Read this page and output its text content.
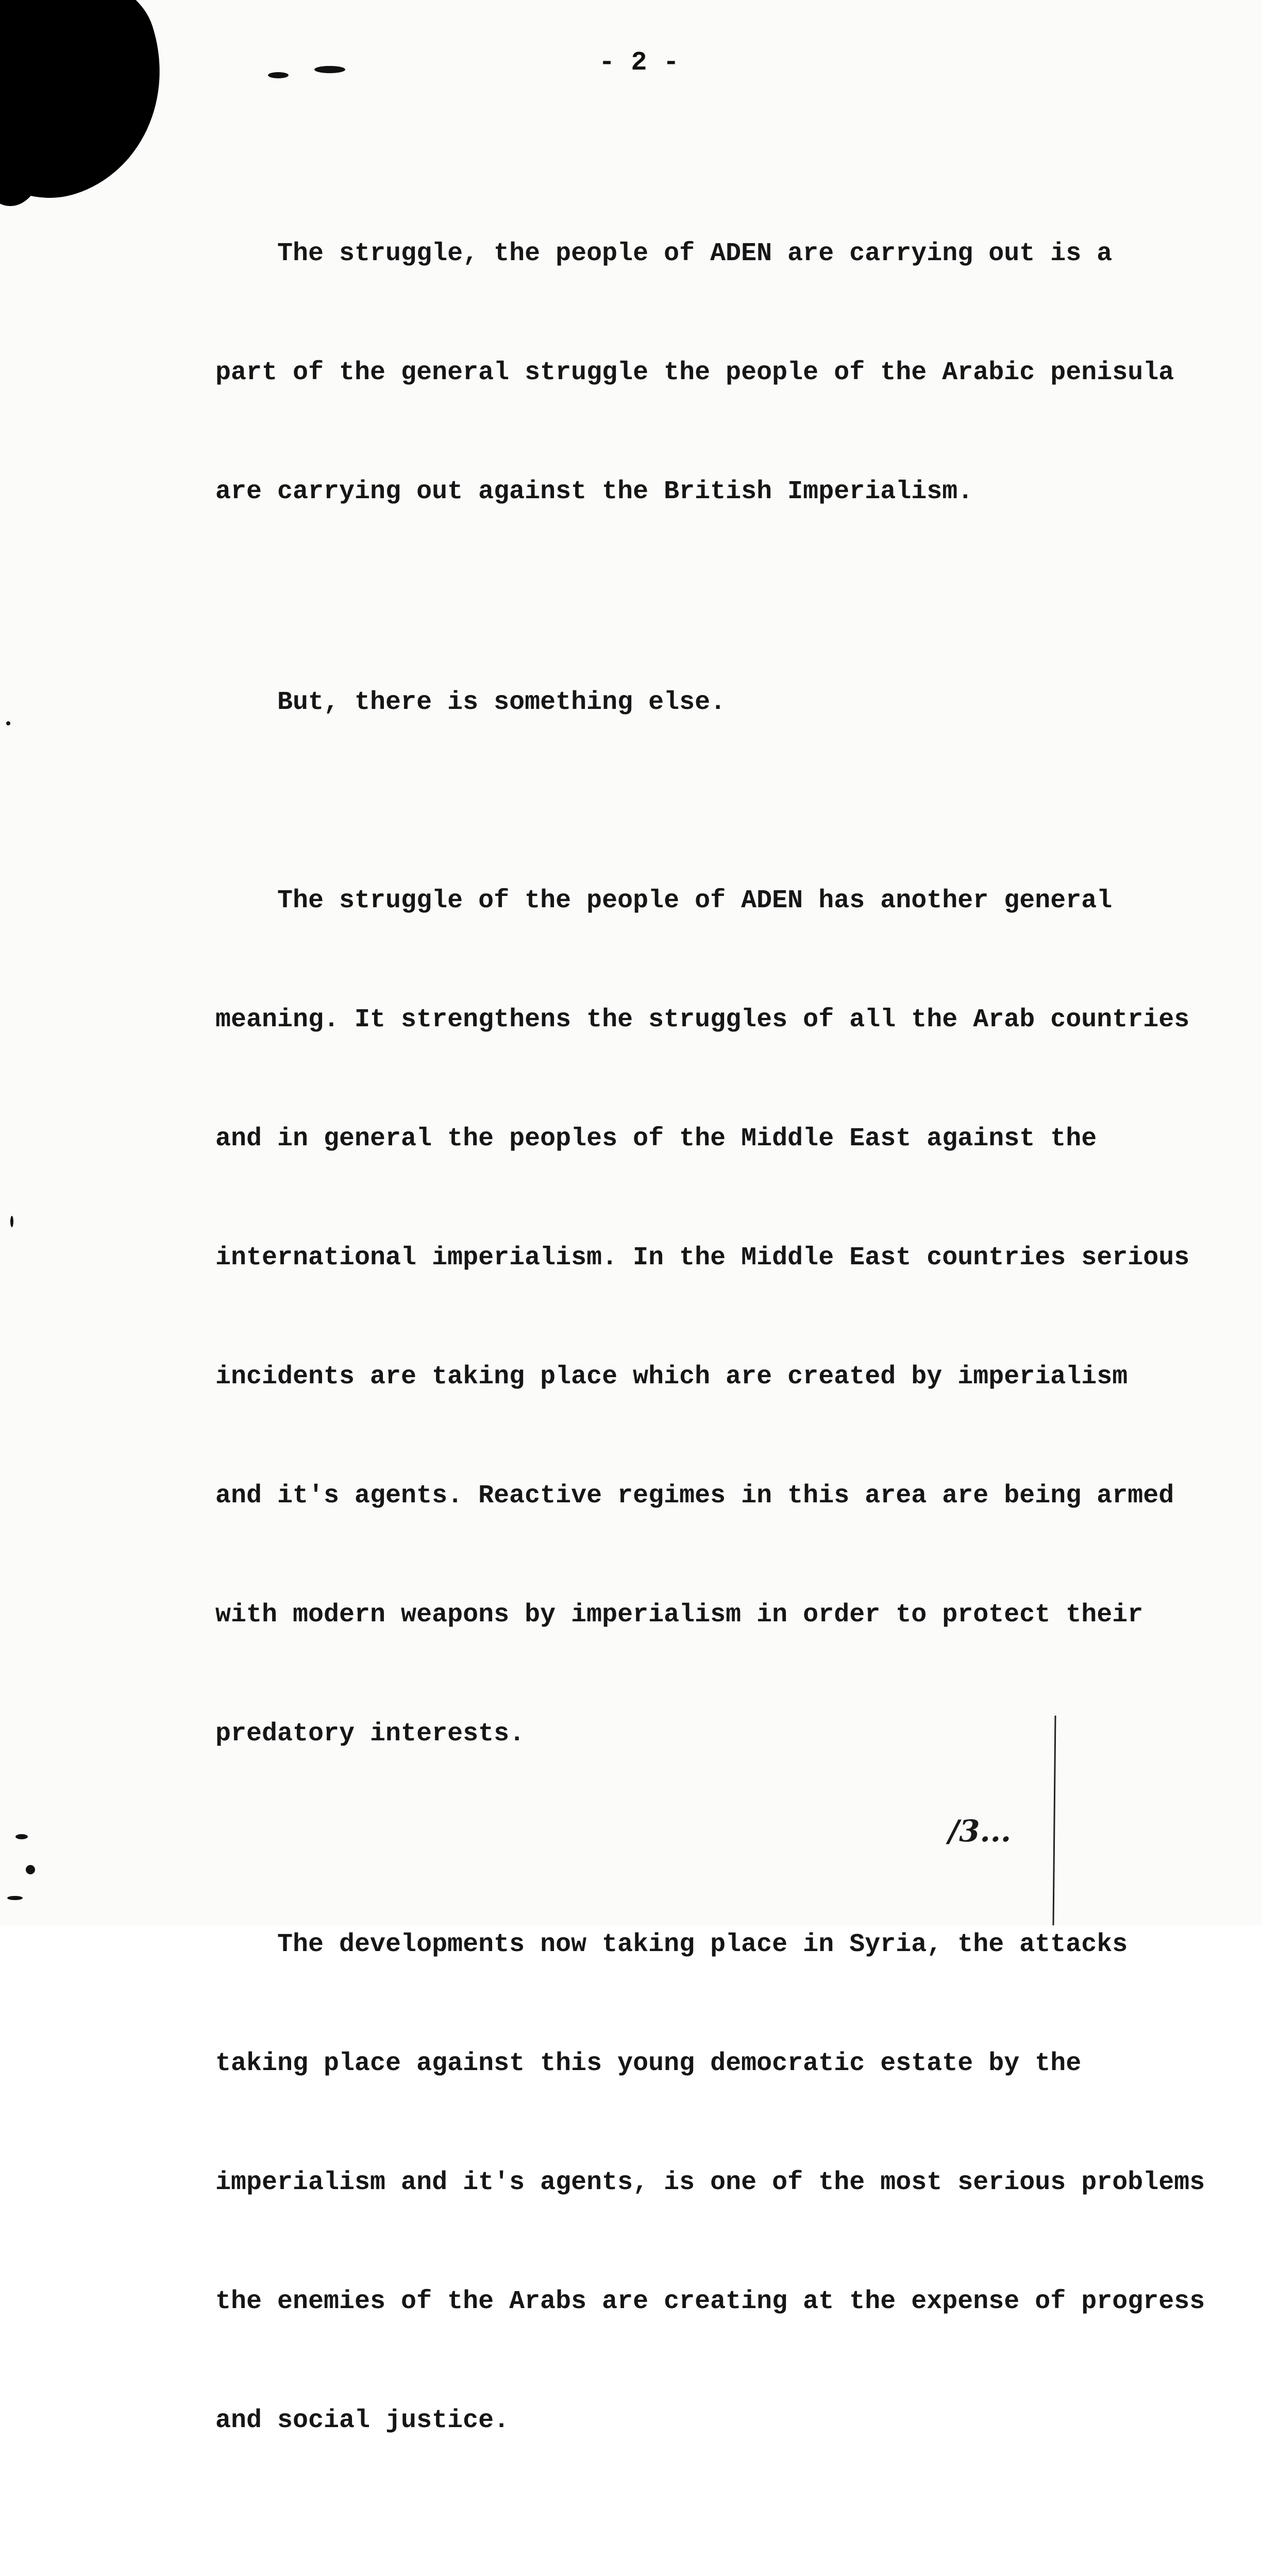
- 2 -

The struggle, the people of ADEN are carrying out is a

part of the general struggle the people of the Arabic penisula

are carrying out against the British Imperialism.

But, there is something else.

The struggle of the people of ADEN has another general

meaning. It strengthens the struggles of all the Arab countries

and in general the peoples of the Middle East against the

international imperialism. In the Middle East countries serious

incidents are taking place which are created by imperialism

and it's agents. Reactive regimes in this area are being armed

with modern weapons by imperialism in order to protect their

predatory interests.

The developments now taking place in Syria, the attacks

taking place against this young democratic estate by the

imperialism and it's agents, is one of the most serious problems

the enemies of the Arabs are creating at the expense of progress

and social justice.

/3...
